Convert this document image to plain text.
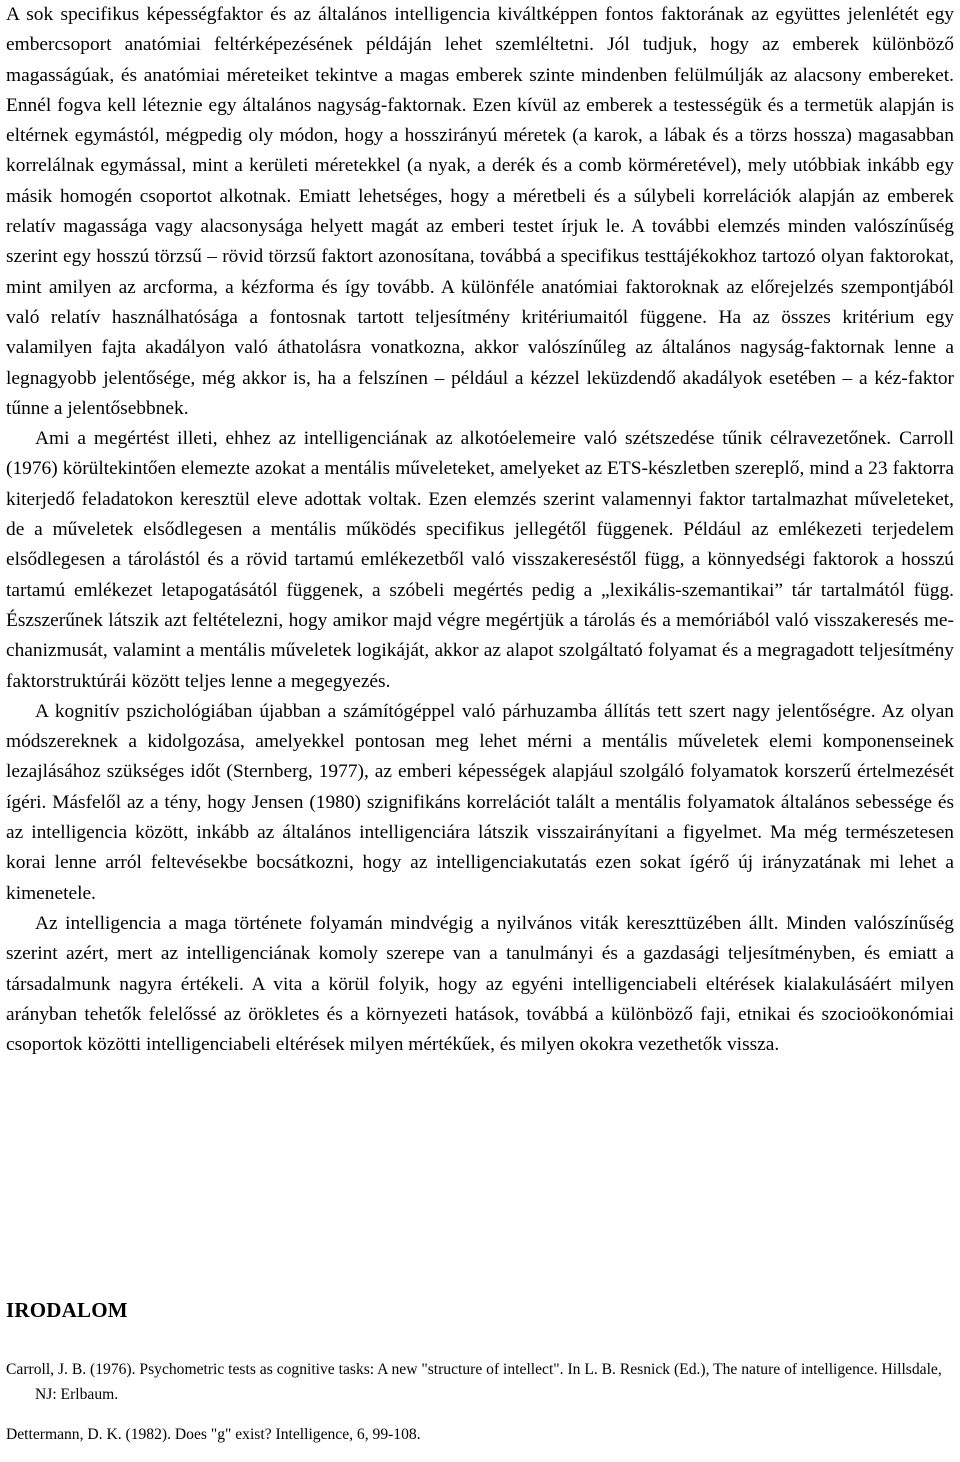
A sok specifikus képességfaktor és az általános intelligencia kiváltképpen fontos faktorának az együttes jelenlétét egy embercsoport anatómiai feltérképezésének példáján lehet szemléltetni. Jól tudjuk, hogy az emberek különböző magasságúak, és anatómiai méreteiket tekintve a magas emberek szinte mindenben felülmúlják az alacsony embereket. Ennél fogva kell léteznie egy általános nagyság-faktornak. Ezen kívül az emberek a testességük és a termetük alapján is eltérnek egymástól, mégpedig oly módon, hogy a hosszirányú méretek (a karok, a lábak és a törzs hossza) magasabban korrelálnak egymással, mint a kerületi méretekkel (a nyak, a derék és a comb körméretével), mely utóbbiak inkább egy másik homogén csoportot alkotnak. Emiatt lehetséges, hogy a méretbeli és a súlybeli korrelációk alapján az emberek relatív magassága vagy alacsonysága helyett magát az emberi testet írjuk le. A további elemzés minden valószínűség szerint egy hosszú törzsű – rövid törzsű faktort azonosítana, továbbá a specifikus testtájékokhoz tartozó olyan faktorokat, mint amilyen az arcforma, a kézforma és így tovább. A különféle anatómiai faktoroknak az előrejelzés szempontjából való relatív használhatósága a fontosnak tartott teljesítmény kritériumaitól függene. Ha az összes kritérium egy valamilyen fajta akadályon való áthatolásra vonatkozna, akkor valószínűleg az általános nagyság-faktornak lenne a legnagyobb jelentősége, még akkor is, ha a felszínen – például a kézzel leküzdendő akadályok esetében – a kéz-faktor tűnne a jelentősebbnek.

Ami a megértést illeti, ehhez az intelligenciának az alkotóelemeire való szétszedése tűnik célravezetőnek. Carroll (1976) körültekintően elemezte azokat a mentális műveleteket, amelyeket az ETS-készletben szereplő, mind a 23 faktorra kiterjedő feladatokon keresztül eleve adottak voltak. Ezen elemzés szerint valamennyi faktor tartalmazhat műveleteket, de a műveletek elsődlegesen a mentális működés specifikus jellegétől függenek. Például az emlékezeti terjedelem elsődlegesen a tárolástól és a rövid tartamú emlékezetből való visszakereséstől függ, a könnyedségi faktorok a hosszú tartamú emlékezet letapogatásától függenek, a szóbeli megértés pedig a „lexikális-szemantikai” tár tartalmától függ. Észszerűnek látszik azt feltételezni, hogy amikor majd végre megértjük a tárolás és a memóriából való visszakeresés mechanizmusát, valamint a mentális műveletek logikáját, akkor az alapot szolgáltató folyamat és a megragadott teljesítmény faktorstruktúrái között teljes lenne a megegyezés.

A kognitív pszichológiában újabban a számítógéppel való párhuzamba állítás tett szert nagy jelentőségre. Az olyan módszereknek a kidolgozása, amelyekkel pontosan meg lehet mérni a mentális műveletek elemi komponenseinek lezajlásához szükséges időt (Sternberg, 1977), az emberi képességek alapjául szolgáló folyamatok korszerű értelmezését ígéri. Másfelől az a tény, hogy Jensen (1980) szignifikáns korrelációt talált a mentális folyamatok általános sebessége és az intelligencia között, inkább az általános intelligenciára látszik visszairányítani a figyelmet. Ma még természetesen korai lenne arról feltevésekbe bocsátkozni, hogy az intelligenciakutatás ezen sokat ígérő új irányzatának mi lehet a kimenetele.

Az intelligencia a maga története folyamán mindvégig a nyilvános viták kereszttüzében állt. Minden valószínűség szerint azért, mert az intelligenciának komoly szerepe van a tanulmányi és a gazdasági teljesítményben, és emiatt a társadalmunk nagyra értékeli. A vita a körül folyik, hogy az egyéni intelligenciabeli eltérések kialakulásáért milyen arányban tehetők felelőssé az örökletes és a környezeti hatások, továbbá a különböző faji, etnikai és szocioökonómiai csoportok közötti intelligenciabeli eltérések milyen mértékűek, és milyen okokra vezethetők vissza.

IRODALOM

Carroll, J. B. (1976). Psychometric tests as cognitive tasks: A new "structure of intellect". In L. B. Resnick (Ed.), The nature of intelligence. Hillsdale, NJ: Erlbaum.

Dettermann, D. K. (1982). Does "g" exist? Intelligence, 6, 99-108.
